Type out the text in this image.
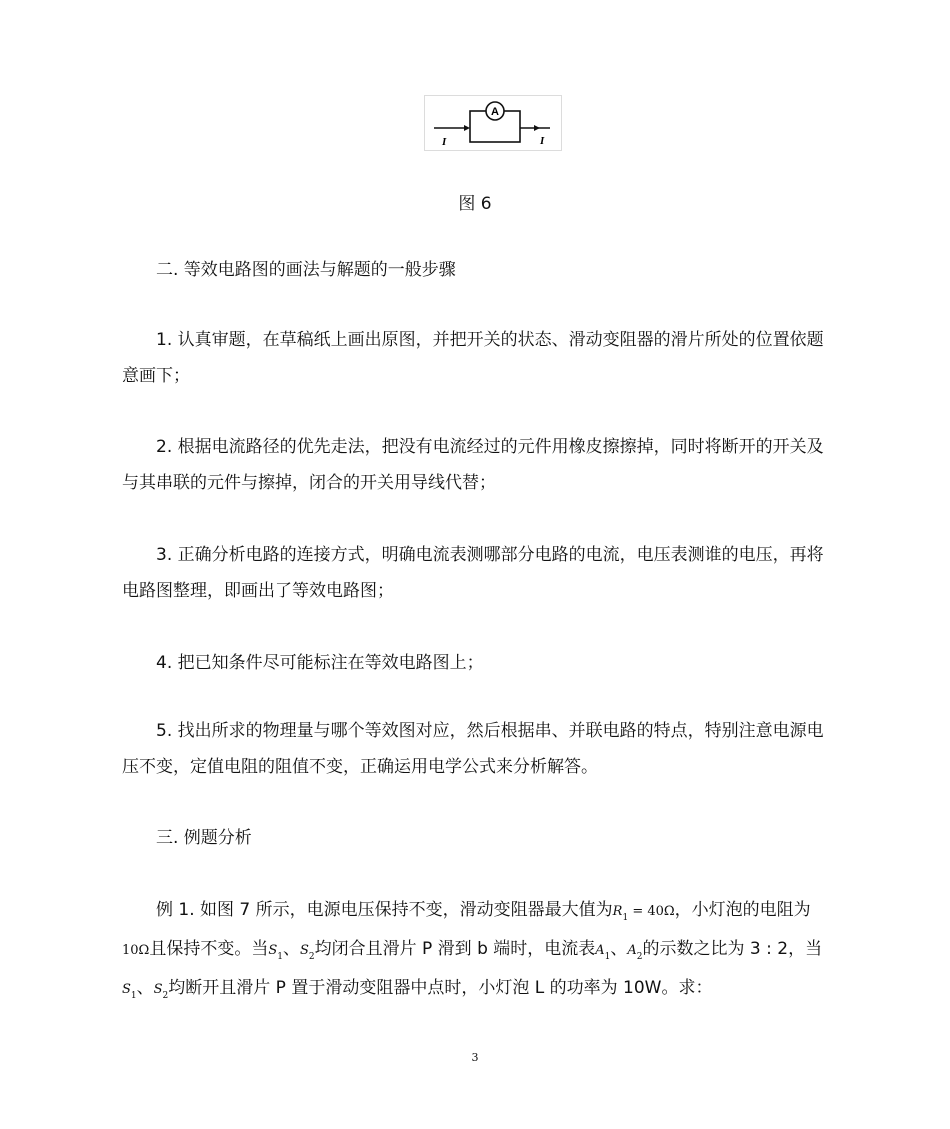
A
I	I
图 6

二. 等效电路图的画法与解题的一般步骤

1. 认真审题，在草稿纸上画出原图，并把开关的状态、滑动变阻器的滑片所处的位置依题意画下；

2. 根据电流路径的优先走法，把没有电流经过的元件用橡皮擦擦掉，同时将断开的开关及与其串联的元件与擦掉，闭合的开关用导线代替；

3. 正确分析电路的连接方式，明确电流表测哪部分电路的电流，电压表测谁的电压，再将电路图整理，即画出了等效电路图；

4. 把已知条件尽可能标注在等效电路图上；

5. 找出所求的物理量与哪个等效图对应，然后根据串、并联电路的特点，特别注意电源电压不变，定值电阻的阻值不变，正确运用电学公式来分析解答。

三. 例题分析

例 1. 如图 7 所示，电源电压保持不变，滑动变阻器最大值为$R_1 = 40\Omega$，小灯泡的电阻为10Ω且保持不变。当$S_1$、$S_2$均闭合且滑片 P 滑到 b 端时，电流表$A_1$、$A_2$的示数之比为 3 : 2，当$S_1$、$S_2$均断开且滑片 P 置于滑动变阻器中点时，小灯泡 L 的功率为 10W。求：

3
